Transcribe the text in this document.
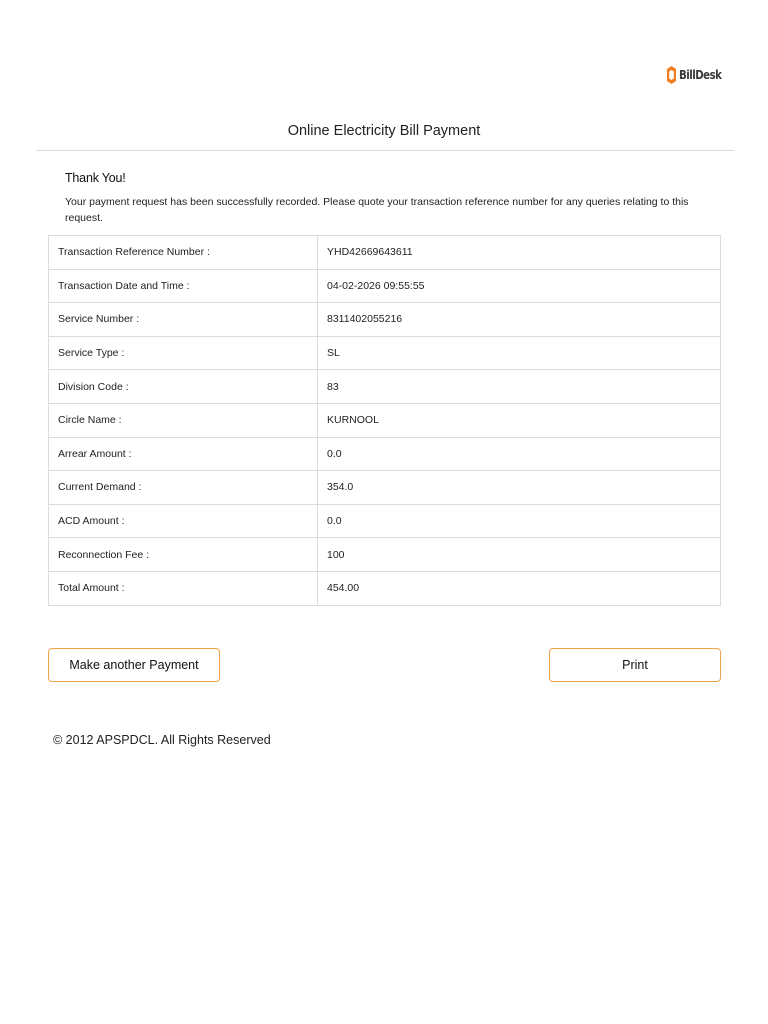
BillDesk
Online Electricity Bill Payment
Thank You!
Your payment request has been successfully recorded. Please quote your transaction reference number for any queries relating to this request.
Transaction Reference Number :	YHD42669643611
Transaction Date and Time :	04-02-2026 09:55:55
Service Number :	8311402055216
Service Type :	SL
Division Code :	83
Circle Name :	KURNOOL
Arrear Amount :	0.0
Current Demand :	354.0
ACD Amount :	0.0
Reconnection Fee :	100
Total Amount :	454.00
Make another Payment	Print
© 2012 APSPDCL. All Rights Reserved
